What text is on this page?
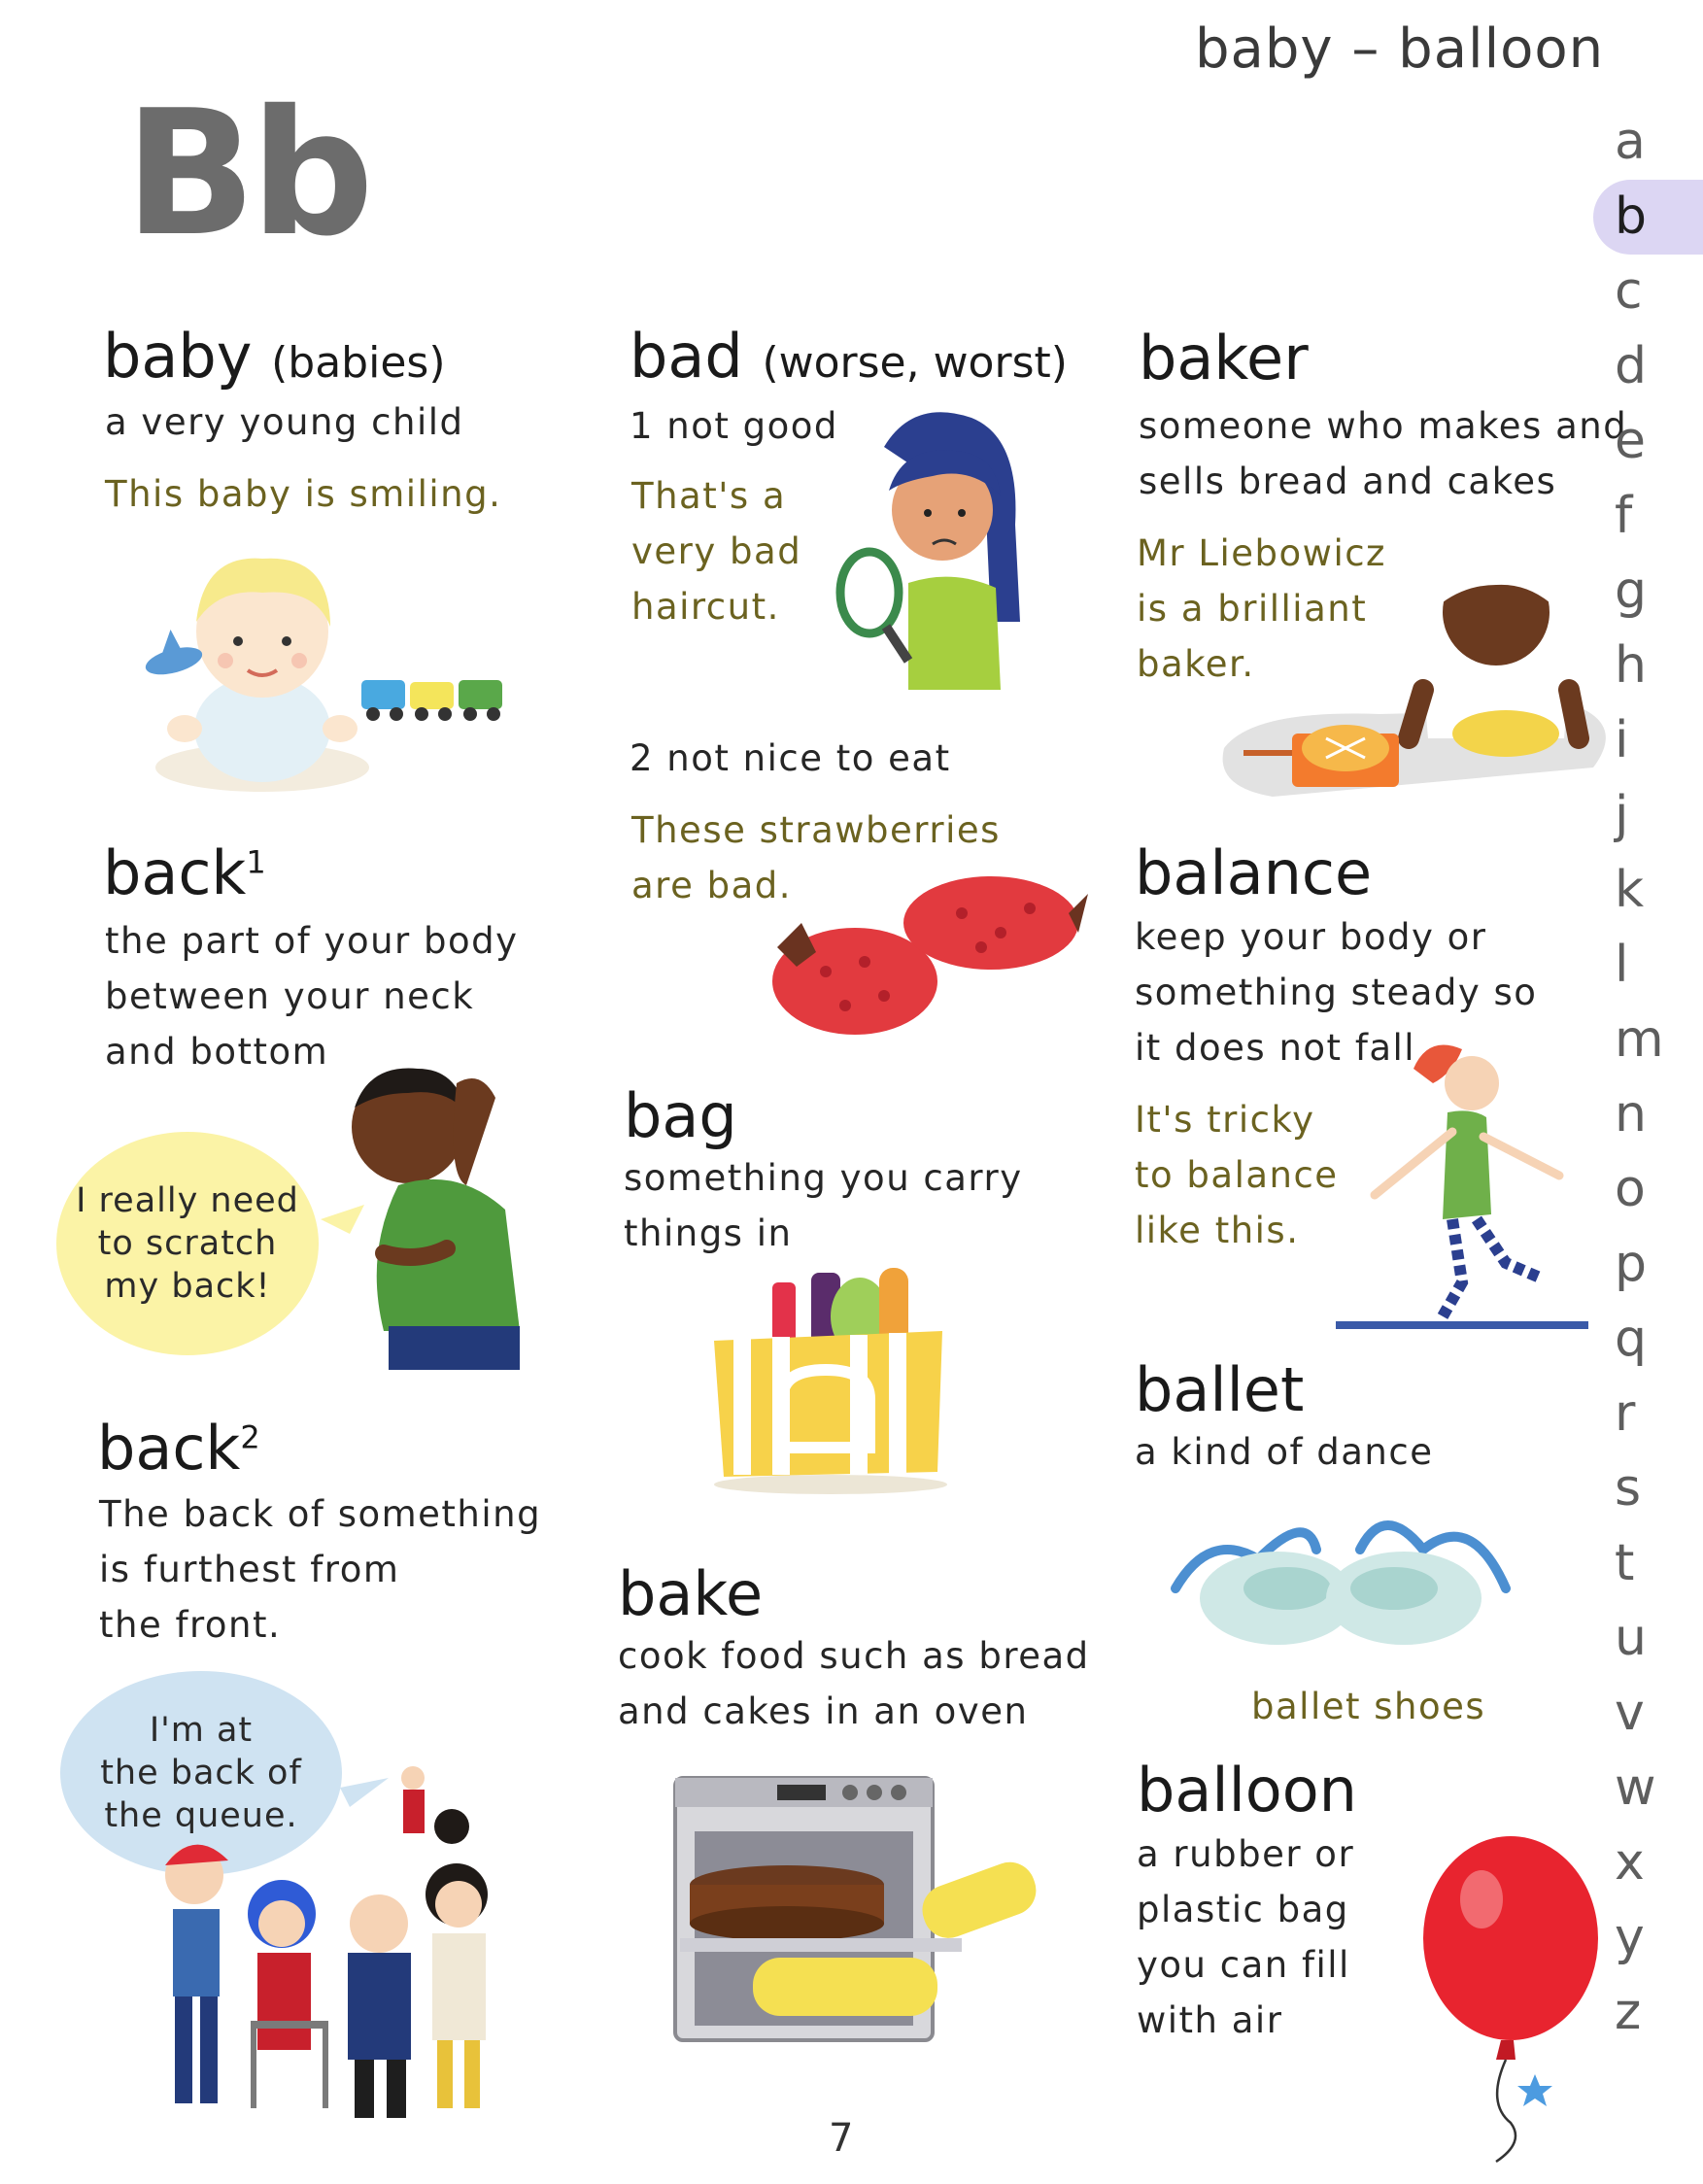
baby – balloon
Bb
baby (babies)
a very young child
This baby is smiling.
back$^1$
the part of your body
between your neck
and bottom
I really need
to scratch
my back!
back$^2$
The back of something
is furthest from
the front.
I'm at
the back of
the queue.
bad (worse, worst)
1 not good
That's a
very bad
haircut.
2 not nice to eat
These strawberries
are bad.
bag
something you carry
things in
bake
cook food such as bread
and cakes in an oven
baker
someone who makes and
sells bread and cakes
Mr Liebowicz
is a brilliant
baker.
balance
keep your body or
something steady so
it does not fall
It's tricky
to balance
like this.
ballet
a kind of dance
ballet shoes
balloon
a rubber or
plastic bag
you can fill
with air
a
b
c
d
e
f
g
h
i
j
k
l
m
n
o
p
q
r
s
t
u
v
w
x
y
z
7
